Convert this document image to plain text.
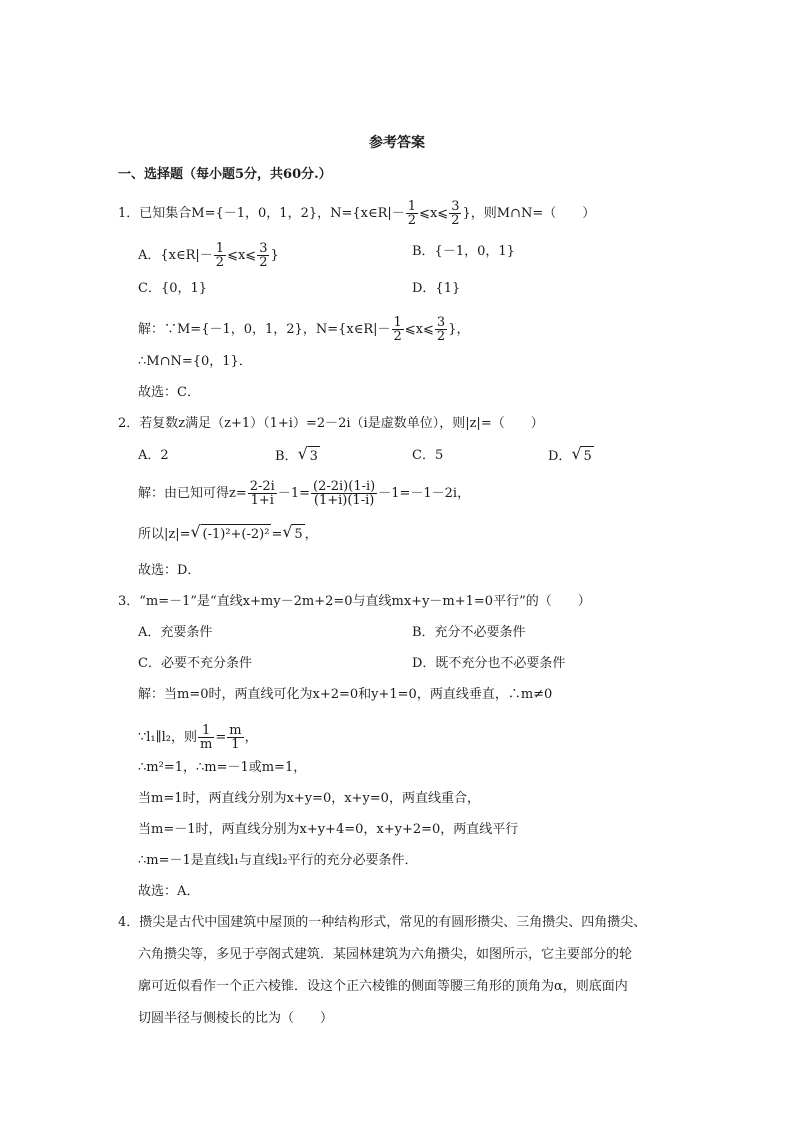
参考答案
一、选择题（每小题5分，共60分.）
1．已知集合M={－1，0，1，2}，N={x∈R|－ $\frac{1}{2}$ ⩽x⩽ $\frac{3}{2}$ }，则M∩N=（　　）
A．{x∈R|－ $\frac{1}{2}$ ⩽x⩽ $\frac{3}{2}$ }	B．{－1，0，1}
C．{0，1}	D．{1}
解：∵M={－1，0，1，2}，N={x∈R|－ $\frac{1}{2}$ ⩽x⩽ $\frac{3}{2}$ }，
∴M∩N={0，1}．
故选：C．
2．若复数z满足（z+1）（1+i）=2－2i（i是虚数单位），则|z|=（　　）
A．2	B． √ 3	C．5	D． √ 5
解：由已知可得$z= \frac{2-2i}{1+i} -1= \frac{(2-2i)(1-i)}{(1+i)(1-i)} -1=-1-2i$，
所以|z|= √ (-1)²+(-2)² = √ 5 ，
故选：D．
3．“m=－1”是“直线x+my－2m+2=0与直线mx+y－m+1=0平行”的（　　）
A．充要条件	B．充分不必要条件
C．必要不充分条件	D．既不充分也不必要条件
解：当m=0时，两直线可化为x+2=0和y+1=0，两直线垂直，∴m≠0
∵l₁∥l₂，则 $\frac{1}{m} = \frac{m}{1}$ ，
∴m²=1，∴m=－1或m=1，
当m=1时，两直线分别为x+y=0，x+y=0，两直线重合，
当m=－1时，两直线分别为x+y+4=0，x+y+2=0，两直线平行
∴m=－1是直线l₁与直线l₂平行的充分必要条件．
故选：A．
4．攒尖是古代中国建筑中屋顶的一种结构形式，常见的有圆形攒尖、三角攒尖、四角攒尖、
六角攒尖等，多见于亭阁式建筑．某园林建筑为六角攒尖，如图所示，它主要部分的轮
廓可近似看作一个正六棱锥．设这个正六棱锥的侧面等腰三角形的顶角为α，则底面内
切圆半径与侧棱长的比为（　　）
